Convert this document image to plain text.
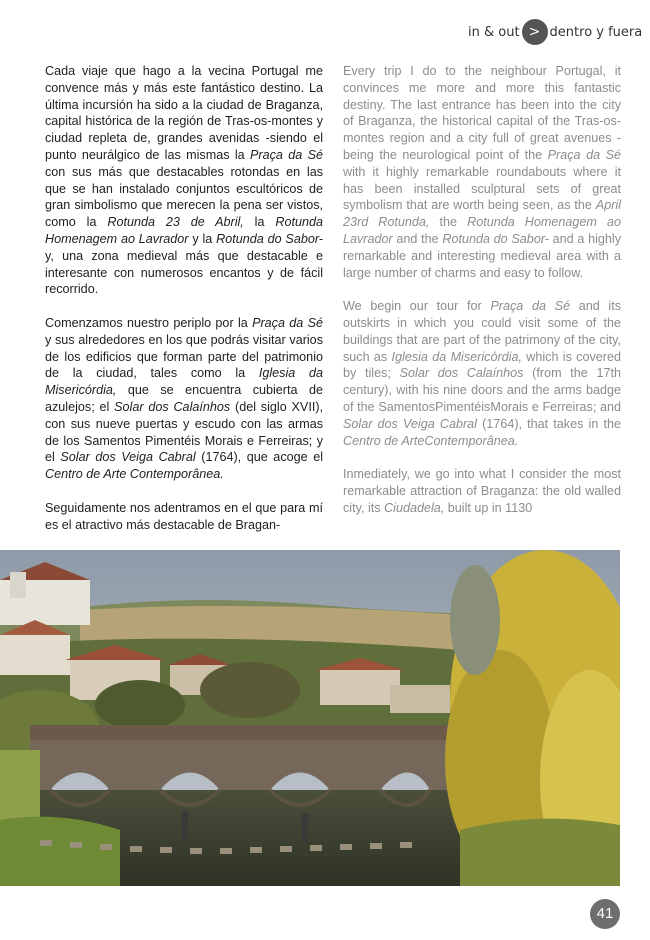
in & out > dentro y fuera

Cada viaje que hago a la vecina Portugal me convence más y más este fantástico destino. La última incursión ha sido a la ciudad de Braganza, capital histórica de la región de Tras-os-montes y ciudad repleta de, grandes avenidas -siendo el punto neurálgico de las mismas la Praça da Sé con sus más que destacables rotondas en las que se han instalado conjuntos escultóricos de gran simbolismo que merecen la pena ser vistos, como la Rotunda 23 de Abril, la Rotunda Homenagem ao Lavrador y la Rotunda do Sabor- y, una zona medieval más que destacable e interesante con numerosos encantos y de fácil recorrido.

Comenzamos nuestro periplo por la Praça da Sé y sus alrededores en los que podrás visitar varios de los edificios que forman parte del patrimonio de la ciudad, tales como la Iglesia da Misericórdia, que se encuentra cubierta de azulejos; el Solar dos Calaínhos (del siglo XVII), con sus nueve puertas y escudo con las armas de los Samentos Pimentéis Morais e Ferreiras; y el Solar dos Veiga Cabral (1764), que acoge el Centro de Arte Contemporânea.

Seguidamente nos adentramos en el que para mí es el atractivo más destacable de Bragan-

Every trip I do to the neighbour Portugal, it convinces me more and more this fantastic destiny. The last entrance has been into the city of Braganza, the historical capital of the Tras-os-montes region and a city full of great avenues -being the neurological point of the Praça da Sé with it highly remarkable roundabouts where it has been installed sculptural sets of great symbolism that are worth being seen, as the April 23rd Rotunda, the Rotunda Homenagem ao Lavrador and the Rotunda do Sabor- and a highly remarkable and interesting medieval area with a large number of charms and easy to follow.

We begin our tour for Praça da Sé and its outskirts in which you could visit some of the buildings that are part of the patrimony of the city, such as Iglesia da Misericórdia, which is covered by tiles; Solar dos Calaínhos (from the 17th century), with his nine doors and the arms badge of the SamentosPimentéisMorais e Ferreiras; and Solar dos Veiga Cabral (1764), that takes in the Centro de ArteContemporânea.

Inmediately, we go into what I consider the most remarkable attraction of Braganza: the old walled city, its Ciudadela, built up in 1130

41
